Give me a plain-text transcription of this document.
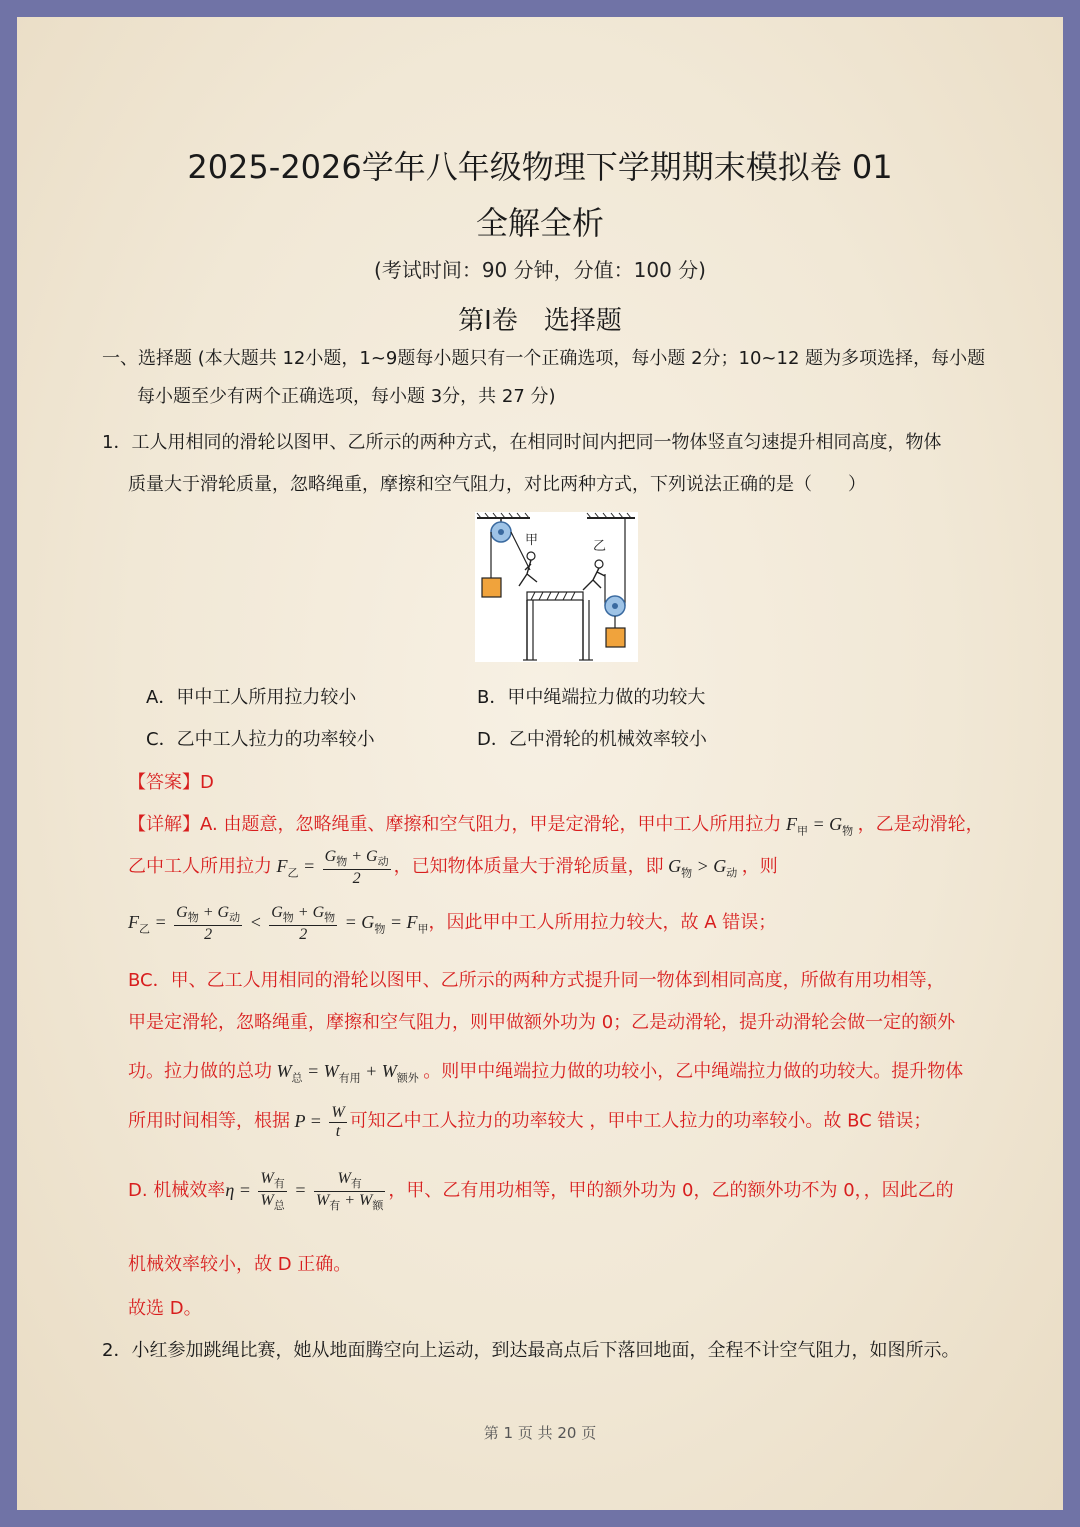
2025-2026学年八年级物理下学期期末模拟卷 01
全解全析
(考试时间：90 分钟，分值：100 分)
第Ⅰ卷　选择题
一、选择题 (本大题共 12小题，1~9题每小题只有一个正确选项，每小题 2分；10~12 题为多项选择，每小题
每小题至少有两个正确选项，每小题 3分，共 27 分)
1．工人用相同的滑轮以图甲、乙所示的两种方式，在相同时间内把同一物体竖直匀速提升相同高度，物体
质量大于滑轮质量，忽略绳重，摩擦和空气阻力，对比两种方式，下列说法正确的是（　　）
甲	乙
A．甲中工人所用拉力较小	B．甲中绳端拉力做的功较大
C．乙中工人拉力的功率较小	D．乙中滑轮的机械效率较小
【答案】D
【详解】A. 由题意，忽略绳重、摩擦和空气阻力，甲是定滑轮，甲中工人所用拉力 $F_甲 = G_物$ ，乙是动滑轮，
乙中工人所用拉力 $F_乙 = \frac{G_物 + G_动}{2}$ ，已知物体质量大于滑轮质量，即 $G_物 > G_动$ ，则
$F_乙 = \frac{G_物 + G_动}{2} < \frac{G_物 + G_物}{2} = G_物 = F_甲$，因此甲中工人所用拉力较大，故 A 错误；
BC．甲、乙工人用相同的滑轮以图甲、乙所示的两种方式提升同一物体到相同高度，所做有用功相等，
甲是定滑轮，忽略绳重，摩擦和空气阻力，则甲做额外功为 0；乙是动滑轮，提升动滑轮会做一定的额外
功。拉力做的总功 $W_总 = W_{有用} + W_{额外}$ 。则甲中绳端拉力做的功较小，乙中绳端拉力做的功较大。提升物体
所用时间相等，根据 $P = \frac{W}{t}$ 可知乙中工人拉力的功率较大 ，甲中工人拉力的功率较小。故 BC 错误；
D. 机械效率$\eta = \frac{W_有}{W_总} = \frac{W_有}{W_有 + W_额}$ ，甲、乙有用功相等，甲的额外功为 0，乙的额外功不为 0，，因此乙的
机械效率较小，故 D 正确。
故选 D。
2．小红参加跳绳比赛，她从地面腾空向上运动，到达最高点后下落回地面，全程不计空气阻力，如图所示。
第 1 页 共 20 页
